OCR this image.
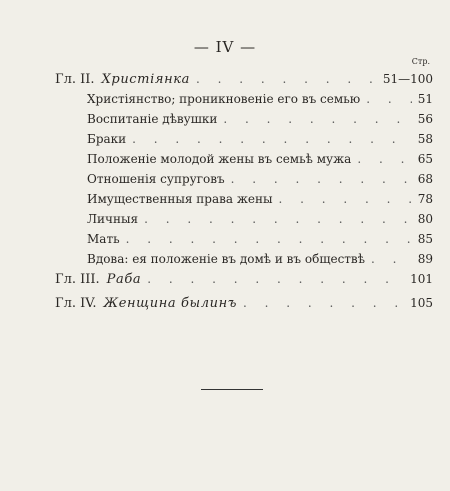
— IV —
Стр.
Гл. II. Христіянка . . .	51—100
Христіянство; проникновеніе его въ семью . . .	51
Воспитаніе дѣвушки . . .	56
Браки . . .	58
Положеніе молодой жены въ семьѣ мужа . . .	65
Отношенія супруговъ . . .	68
Имущественныя права жены . . .	78
Личныя . . .	80
Мать . . .	85
Вдова: ея положеніе въ домѣ и въ обществѣ . . .	89
Гл. III. Раба . . .	101
Гл. IV. Женщина былинъ . . .	105
